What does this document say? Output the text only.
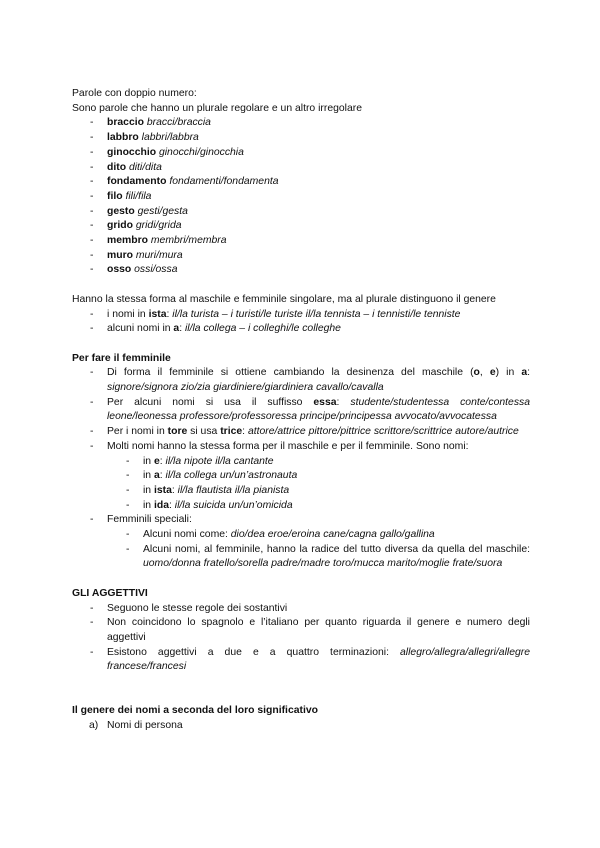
Parole con doppio numero:

Sono parole che hanno un plurale regolare e un altro irregolare

- braccio bracci/braccia
- labbro labbri/labbra
- ginocchio ginocchi/ginocchia
- dito diti/dita
- fondamento fondamenti/fondamenta
- filo fili/fila
- gesto gesti/gesta
- grido gridi/grida
- membro membri/membra
- muro muri/mura
- osso ossi/ossa

Hanno la stessa forma al maschile e femminile singolare, ma al plurale distinguono il genere

- i nomi in ista: il/la turista – i turisti/le turiste il/la tennista – i tennisti/le tenniste
- alcuni nomi in a: il/la collega – i colleghi/le colleghe

Per fare il femminile

- Di forma il femminile si ottiene cambiando la desinenza del maschile (o, e) in a: signore/signora zio/zia giardiniere/giardiniera cavallo/cavalla
- Per alcuni nomi si usa il suffisso essa: studente/studentessa conte/contessa leone/leonessa professore/professoressa principe/principessa avvocato/avvocatessa
- Per i nomi in tore si usa trice: attore/attrice pittore/pittrice scrittore/scrittrice autore/autrice
- Molti nomi hanno la stessa forma per il maschile e per il femminile. Sono nomi:
- in e: il/la nipote il/la cantante
- in a: il/la collega un/un’astronauta
- in ista: il/la flautista il/la pianista
- in ida: il/la suicida un/un’omicida
- Femminili speciali:
- Alcuni nomi come: dio/dea eroe/eroina cane/cagna gallo/gallina
- Alcuni nomi, al femminile, hanno la radice del tutto diversa da quella del maschile: uomo/donna fratello/sorella padre/madre toro/mucca marito/moglie frate/suora

GLI AGGETTIVI

- Seguono le stesse regole dei sostantivi
- Non coincidono lo spagnolo e l’italiano per quanto riguarda il genere e numero degli aggettivi
- Esistono aggettivi a due e a quattro terminazioni: allegro/allegra/allegri/allegre francese/francesi

Il genere dei nomi a seconda del loro significativo

a) Nomi di persona
